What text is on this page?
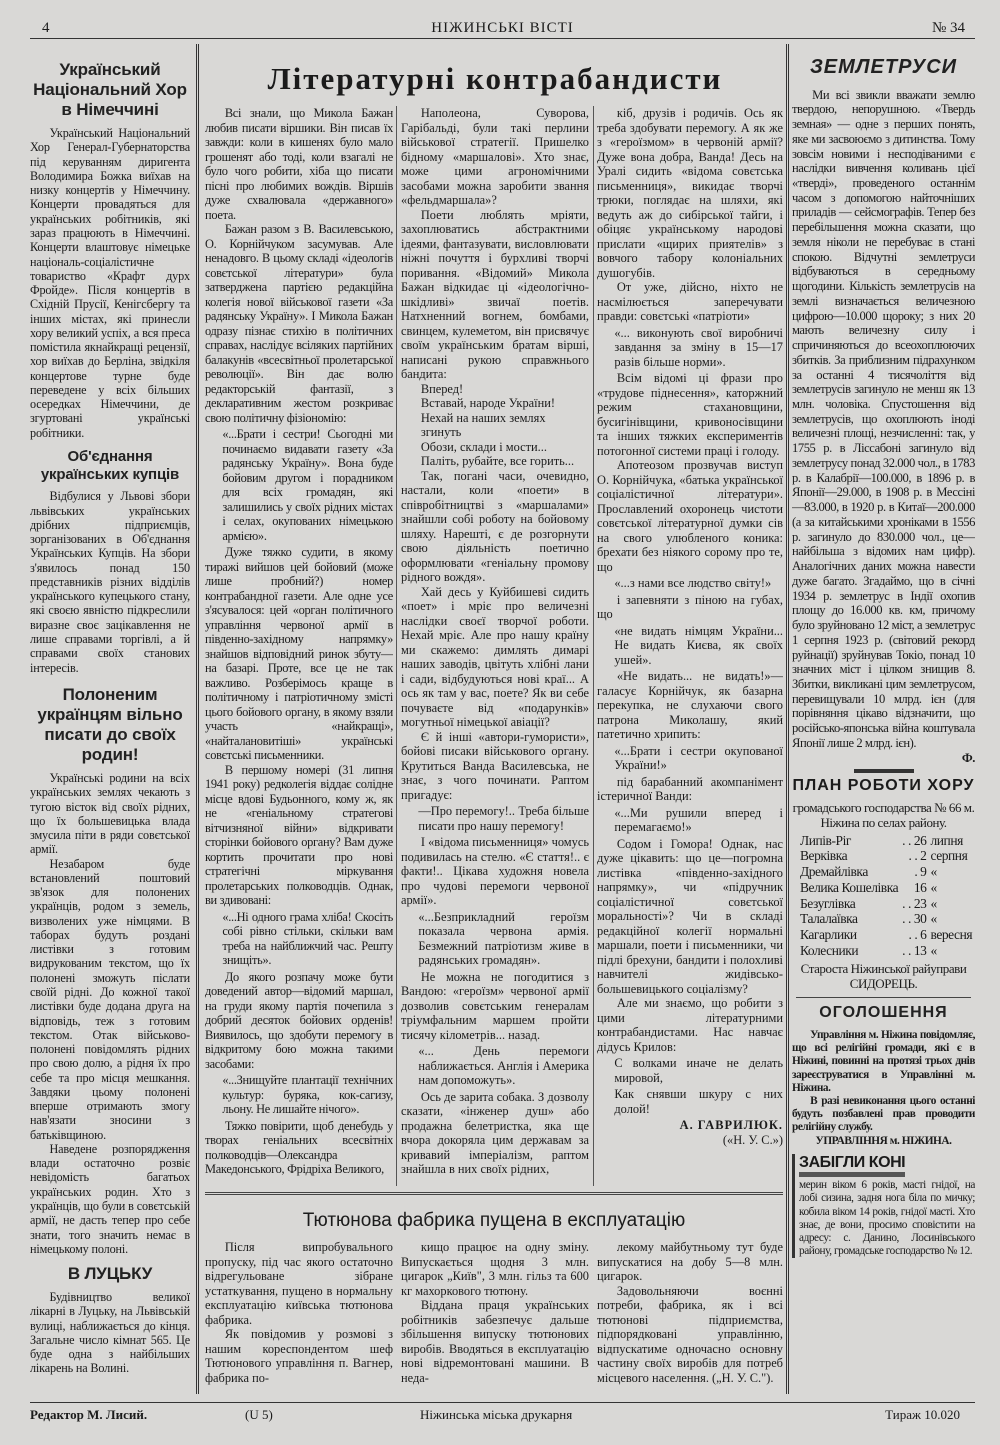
4	НІЖИНСЬКІ ВІСТІ	№ 34
Український Національний Хор в Німеччині

Український Національний Хор Генерал-Губернаторства під керуванням диригента Володимира Божка виїхав на низку концертів у Німеччину. Концерти провадяться для українських робітників, які зараз працюють в Німеччині. Концерти влаштовує німецьке національ-соціалістичне товариство «Крафт дурх Фройде». Після концертів в Східній Прусії, Кенігсбергу та інших містах, які принесли хору великий успіх, а вся преса помістила якнайкращі рецензії, хор виїхав до Берліна, звідкіля концертове турне буде переведене у всіх більших осередках Німеччини, де згуртовані українські робітники.

Об'єднання українських купців

Відбулися у Львові збори львівських українських дрібних підприємців, зорганізованих в Об'єднання Українських Купців. На збори з'явилось понад 150 представників різних відділів українського купецького стану, які своєю явністю підкреслили виразне своє зацікавлення не лише справами торгівлі, а й справами своїх станових інтересів.

Полоненим українцям вільно писати до своїх родин!

Українські родини на всіх українських землях чекають з тугою вісток від своїх рідних, що їх большевицька влада змусила піти в ряди совєтської армії.

Незабаром буде встановлений поштовий зв'язок для полонених українців, родом з земель, визволених уже німцями. В таборах будуть роздані листівки з готовим видрукованим текстом, що їх полонені зможуть післати своїй рідні. До кожної такої листівки буде додана друга на відповідь, теж з готовим текстом. Отак військово-полонені повідомлять рідних про свою долю, а рідня їх про себе та про місця мешкання. Завдяки цьому полонені вперше отримають змогу нав'язати зносини з батьківщиною.

Наведене розпорядження влади остаточно розвіє невідомість багатьох українських родин. Хто з українців, що були в совєтській армії, не дасть тепер про себе знати, того значить немає в німецькому полоні.

В ЛУЦЬКУ

Будівництво великої лікарні в Луцьку, на Львівській вулиці, наближається до кінця. Загальне число кімнат 565. Це буде одна з найбільших лікарень на Волині.

Літературні контрабандисти

Всі знали, що Микола Бажан любив писати віршики. Він писав їх завжди: коли в кишенях було мало грошенят або тоді, коли взагалі не було чого робити, хіба що писати пісні про любимих вождів. Віршів дуже схвалювала «державного» поета.

Бажан разом з В. Василевською, О. Корнійчуком засумував. Але ненадовго. В цьому складі «ідеологів совєтської літератури» була затверджена партією редакційна колегія нової військової газети «За радянську Україну». І Микола Бажан одразу пізнає стихію в політичних справах, наслідує всіляких партійних балакунів «всесвітньої пролетарської революції». Він дає волю редакторській фантазії, з декларативним жестом розкриває свою політичну фізіономію:

«...Брати і сестри! Сьогодні ми починаємо видавати газету «За радянську Україну». Вона буде бойовим другом і порадником для всіх громадян, які залишились у своїх рідних містах і селах, окупованих німецькою армією».

Дуже тяжко судити, в якому тиражі вийшов цей бойовий (може лише пробний?) номер контрабандної газети. Але одне усе з'ясувалося: цей «орган політичного управління червоної армії в південно-західному напрямку» знайшов відповідний ринок збуту—на базарі. Проте, все це не так важливо. Розберімось краще в політичному і патріотичному змісті цього бойового органу, в якому взяли участь «найкращі», «найталановитіші» українські совєтські письменники.

В першому номері (31 липня 1941 року) редколегія віддає солідне місце вдові Будьонного, кому ж, як не «геніальному стратегові вітчизняної війни» відкривати сторінки бойового органу? Вам дуже кортить прочитати про нові стратегічні міркування пролетарських полководців. Однак, ви здивовані:

«...Ні одного грама хліба! Скосіть собі рівно стільки, скільки вам треба на найближчий час. Решту знищіть».

До якого розпачу може бути доведений автор—відомий маршал, на груди якому партія почепила з добрий десяток бойових орденів! Виявилось, що здобути перемогу в відкритому бою можна такими засобами:

«...Знищуйте плантації технічних культур: буряка, кок-сагизу, льону. Не лишайте нічого».

Тяжко повірити, щоб денебудь у творах геніальних всесвітніх полководців—Олександра Македонського, Фрідріха Великого,

Наполеона, Суворова, Гарібальді, були такі перлини військової стратегії. Пришелко бідному «маршалові». Хто знає, може цими агрономічними засобами можна заробити звання «фельдмаршала»?

Поети люблять мріяти, захоплюватись абстрактними ідеями, фантазувати, висловлювати ніжні почуття і бурхливі творчі поривання. «Відомий» Микола Бажан відкидає ці «ідеологічно-шкідливі» звичаї поетів. Натхненний вогнем, бомбами, свинцем, кулеметом, він присвячує своїм українським братам вірші, написані рукою справжнього бандита:

Вперед!

Вставай, народе України!

Нехай на наших землях згинуть

Обози, склади і мости...

Паліть, рубайте, все горить...

Так, погані часи, очевидно, настали, коли «поети» в співробітництві з «маршалами» знайшли собі роботу на бойовому шляху. Нарешті, є де розгорнути свою діяльність поетично оформлювати «геніальну промову рідного вождя».

Хай десь у Куйбишеві сидить «поет» і мріє про величезні наслідки своєї творчої роботи. Нехай мріє. Але про нашу країну ми скажемо: димлять димарі наших заводів, цвітуть хлібні лани і сади, відбудуються нові краї... А ось як там у вас, поете? Як ви себе почуваєте від «подарунків» могутньої німецької авіації?

Є й інші «автори-гумористи», бойові писаки військового органу. Крутиться Ванда Василевська, не знає, з чого починати. Раптом пригадує:

—Про перемогу!.. Треба більше писати про нашу перемогу!

І «відома письменниця» чомусь подивилась на стелю. «Є стаття!.. є факти!.. Цікава художня новела про чудові перемоги червоної армії».

«...Безприкладний героїзм показала червона армія. Безмежний патріотизм живе в радянських громадян».

Не можна не погодитися з Вандою: «героїзм» червоної армії дозволив совєтським генералам тріумфальним маршем пройти тисячу кілометрів... назад.

«... День перемоги наближається. Англія і Америка нам допоможуть».

Ось де зарита собака. З дозволу сказати, «інженер душ» або продажна белетристка, яка ще вчора докоряла цим державам за кривавий імперіалізм, раптом знайшла в них своїх рідних,

кіб, друзів і родичів. Ось як треба здобувати перемогу. А як же з «героїзмом» в червоній армії? Дуже вона добра, Ванда! Десь на Уралі сидить «відома совєтська письменниця», викидає творчі трюки, поглядає на шляхи, які ведуть аж до сибірської тайги, і обіцяє українському народові прислати «щирих приятелів» з вовчого табору колоніальних душогубів.

От уже, дійсно, ніхто не насмілюється заперечувати правди: совєтські «патріоти»

«... виконують свої виробничі завдання за зміну в 15—17 разів більше норми».

Всім відомі ці фрази про «трудове піднесення», каторжний режим стахановщини, бусигінівщини, кривоносівщини та інших тяжких експериментів потогонної системи праці і голоду.

Апотеозом прозвучав виступ О. Корнійчука, «батька української соціалістичної літератури». Прославлений охоронець чистоти совєтської літературної думки сів на свого улюбленого коника: брехати без ніякого сорому про те, що

«...з нами все людство світу!»

і запевняти з піною на губах, що

«не видать німцям України... Не видать Києва, як своїх ушей».

«Не видать... не видать!»—галасує Корнійчук, як базарна перекупка, не слухаючи свого патрона Миколашу, який патетично хрипить:

«...Брати і сестри окупованої України!»

під барабанний акомпанімент істеричної Ванди:

«...Ми рушили вперед і перемагаємо!»

Содом і Гомора! Однак, нас дуже цікавить: що це—погромна листівка «південно-західного напрямку», чи «підручник соціалістичної совєтської моральності»? Чи в складі редакційної колегії нормальні маршали, поети і письменники, чи підлі брехуни, бандити і полохливі навчителі жидівсько-большевицького соціалізму?

Але ми знаємо, що робити з цими літературними контрабандистами. Нас навчає дідусь Крилов:

С волками иначе не делать мировой,

Как снявши шкуру с них долой!

А. ГАВРИЛЮК.

(«Н. У. С.»)

Тютюнова фабрика пущена в експлуатацію

Після випробувального пропуску, під час якого остаточно відрегульоване зібране устаткування, пущено в нормальну експлуатацію київська тютюнова фабрика.

Як повідомив у розмові з нашим кореспондентом шеф Тютюнового управління п. Вагнер, фабрика по-

кищо працює на одну зміну. Випускається щодня 3 млн. цигарок „Київ", 3 млн. гільз та 600 кг махоркового тютюну.

Віддана праця українських робітників забезпечує дальше збільшення випуску тютюнових виробів. Вводяться в експлуатацію нові відремонтовані машини. В неда-

лекому майбутньому тут буде випускатися на добу 5—8 млн. цигарок.

Задовольняючи воєнні потреби, фабрика, як і всі тютюнові підприємства, підпорядковані управлінню, відпускатиме одночасно основну частину своїх виробів для потреб місцевого населення. („Н. У. С.").

ЗЕМЛЕТРУСИ

Ми всі звикли вважати землю твердою, непорушною. «Твердь земная» — одне з перших понять, яке ми засвоюємо з дитинства. Тому зовсім новими і несподіваними є наслідки вивчення коливань цієї «тверді», проведеного останнім часом з допомогою найточніших приладів — сейсмографів. Тепер без перебільшення можна сказати, що земля ніколи не перебуває в стані спокою. Відчутні землетруси відбуваються в середньому щогодини. Кількість землетрусів на землі визначається величезною цифрою—10.000 щороку; з них 20 мають величезну силу і спричиняються до всеохоплюючих збитків. За приблизним підрахунком за останні 4 тисячоліття від землетрусів загинуло не менш як 13 млн. чоловіка. Спустошення від землетрусів, що охоплюють іноді величезні площі, незчисленні: так, у 1755 р. в Ліссабоні загинуло від землетрусу понад 32.000 чол., в 1783 р. в Калабрії—100.000, в 1896 р. в Японії—29.000, в 1908 р. в Мессіні—83.000, в 1920 р. в Китаї—200.000 (а за китайськими хроніками в 1556 р. загинуло до 830.000 чол., це—найбільша з відомих нам цифр). Аналогічних даних можна навести дуже багато. Згадаймо, що в січні 1934 р. землетрус в Індії охопив площу до 16.000 кв. км, причому було зруйновано 12 міст, а землетрус 1 серпня 1923 р. (світовий рекорд руйнації) зруйнував Токіо, понад 10 значних міст і цілком знищив 8. Збитки, викликані цим землетрусом, перевищували 10 млрд. ієн (для порівняння цікаво відзначити, що російсько-японська війна коштувала Японії лише 2 млрд. ієн).

Ф.

ПЛАН РОБОТИ ХОРУ
громадського господарства № 66 м. Ніжина по селах району.
Липів-Ріг	. . 26	липня
Верківка	. . 2	серпня
Дремайлівка	. 9	«
Велика Кошелівка	16	«
Безуглівка	. . 23	«
Талалаївка	. . 30	«
Кагарлики	. . 6	вересня
Колесники	. . 13	«
Староста Ніжинської райуправи СИДОРЕЦЬ.
ОГОЛОШЕННЯ

Управління м. Ніжина повідомляє, що всі релігійні громади, які є в Ніжині, повинні на протязі трьох днів зареєструватися в Управлінні м. Ніжина.

В разі невиконання цього останні будуть позбавлені прав проводити релігійну службу.

УПРАВЛІННЯ м. НІЖИНА.

ЗАБІГЛИ КОНІ
мерин віком 6 років, масті гнідої, на лобі сизина, задня нога біла по мичку; кобила віком 14 років, гнідої масті. Хто знає, де вони, просимо сповістити на адресу: с. Данино, Лосинівського району, громадське господарство № 12.
Редактор М. Лисий.	(U 5)	Ніжинська міська друкарня	Тираж 10.020
